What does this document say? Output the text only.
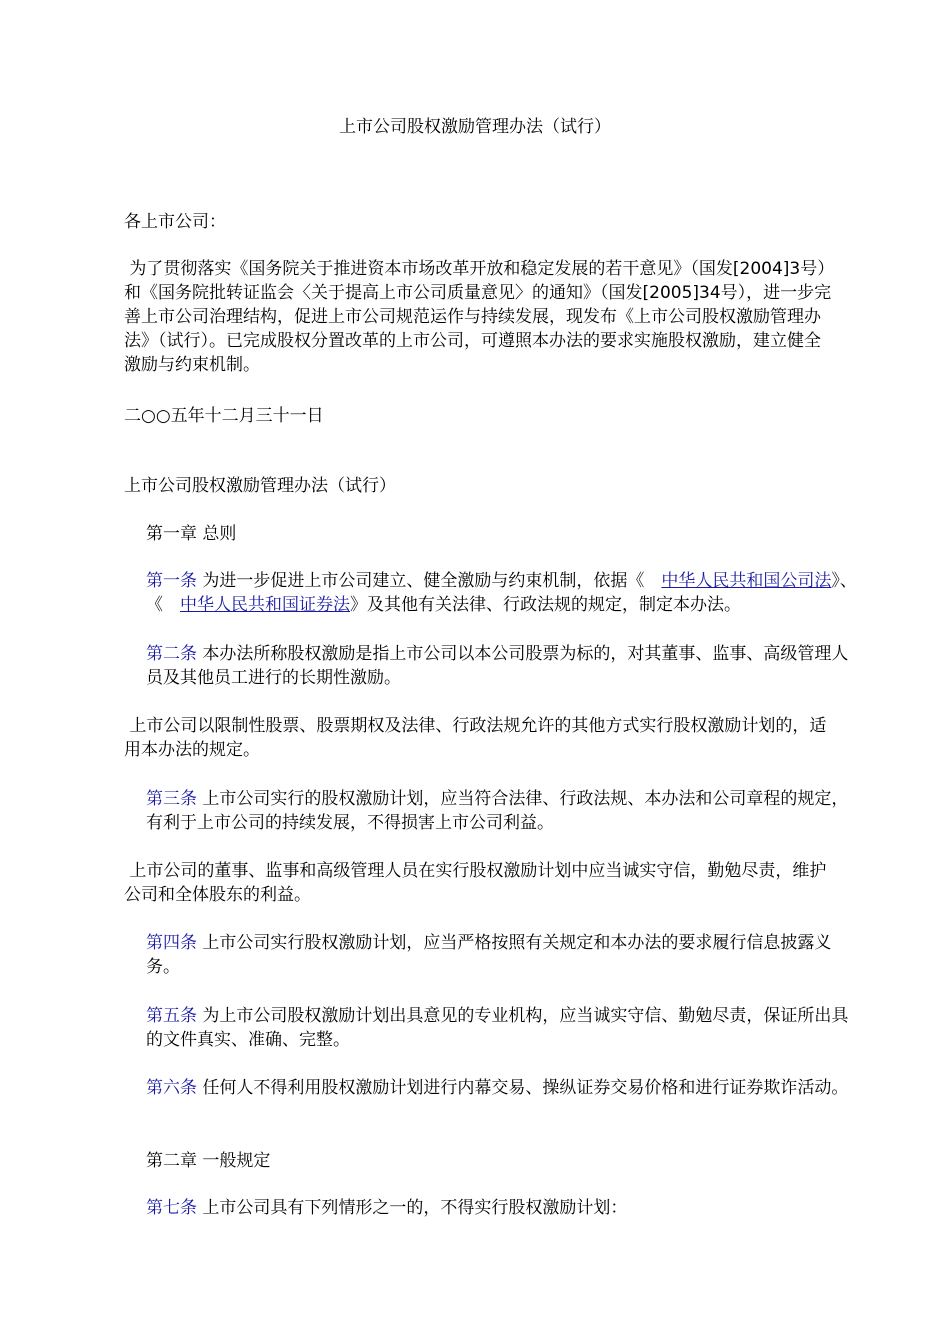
上市公司股权激励管理办法（试行）
各上市公司：
为了贯彻落实《国务院关于推进资本市场改革开放和稳定发展的若干意见》（国发[2004]3号）和《国务院批转证监会〈关于提高上市公司质量意见〉的通知》（国发[2005]34号），进一步完善上市公司治理结构，促进上市公司规范运作与持续发展，现发布《上市公司股权激励管理办法》（试行）。已完成股权分置改革的上市公司，可遵照本办法的要求实施股权激励，建立健全激励与约束机制。
二○○五年十二月三十一日
上市公司股权激励管理办法（试行）
第一章 总则
第一条 为进一步促进上市公司建立、健全激励与约束机制，依据《　中华人民共和国公司法》、《　中华人民共和国证券法》及其他有关法律、行政法规的规定，制定本办法。
第二条 本办法所称股权激励是指上市公司以本公司股票为标的，对其董事、监事、高级管理人员及其他员工进行的长期性激励。
上市公司以限制性股票、股票期权及法律、行政法规允许的其他方式实行股权激励计划的，适用本办法的规定。
第三条 上市公司实行的股权激励计划，应当符合法律、行政法规、本办法和公司章程的规定，有利于上市公司的持续发展，不得损害上市公司利益。
上市公司的董事、监事和高级管理人员在实行股权激励计划中应当诚实守信，勤勉尽责，维护公司和全体股东的利益。
第四条 上市公司实行股权激励计划，应当严格按照有关规定和本办法的要求履行信息披露义务。
第五条 为上市公司股权激励计划出具意见的专业机构，应当诚实守信、勤勉尽责，保证所出具的文件真实、准确、完整。
第六条 任何人不得利用股权激励计划进行内幕交易、操纵证券交易价格和进行证券欺诈活动。
第二章 一般规定
第七条 上市公司具有下列情形之一的，不得实行股权激励计划：
